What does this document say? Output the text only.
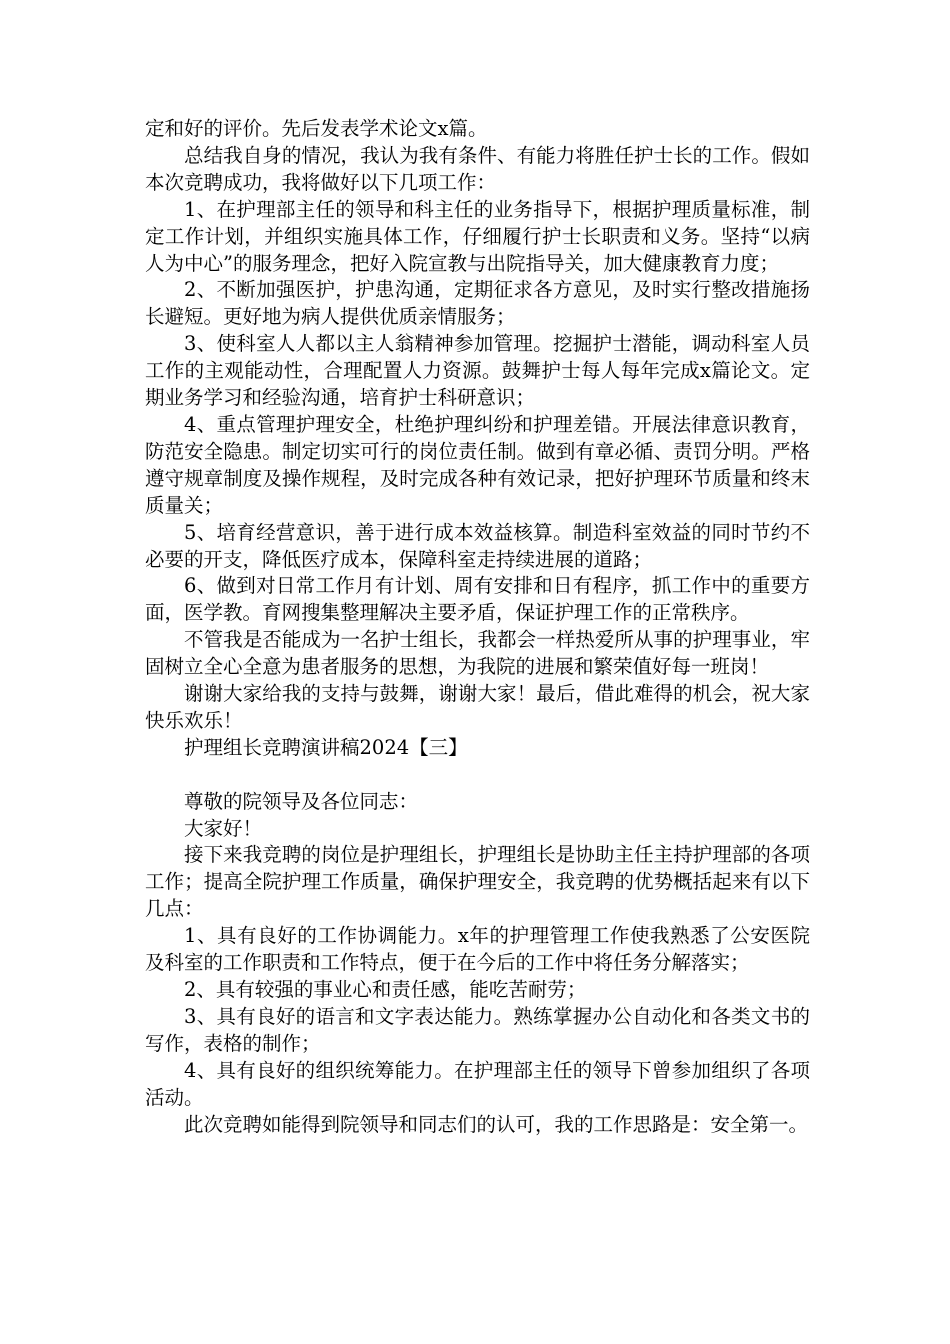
定和好的评价。先后发表学术论文x篇。

总结我自身的情况，我认为我有条件、有能力将胜任护士长的工作。假如本次竞聘成功，我将做好以下几项工作：

1、在护理部主任的领导和科主任的业务指导下，根据护理质量标准，制定工作计划，并组织实施具体工作，仔细履行护士长职责和义务。坚持“以病人为中心”的服务理念，把好入院宣教与出院指导关，加大健康教育力度；

2、不断加强医护，护患沟通，定期征求各方意见，及时实行整改措施扬长避短。更好地为病人提供优质亲情服务；

3、使科室人人都以主人翁精神参加管理。挖掘护士潜能，调动科室人员工作的主观能动性，合理配置人力资源。鼓舞护士每人每年完成x篇论文。定期业务学习和经验沟通，培育护士科研意识；

4、重点管理护理安全，杜绝护理纠纷和护理差错。开展法律意识教育，防范安全隐患。制定切实可行的岗位责任制。做到有章必循、责罚分明。严格遵守规章制度及操作规程，及时完成各种有效记录，把好护理环节质量和终末质量关；

5、培育经营意识，善于进行成本效益核算。制造科室效益的同时节约不必要的开支，降低医疗成本，保障科室走持续进展的道路；

6、做到对日常工作月有计划、周有安排和日有程序，抓工作中的重要方面，医学教。育网搜集整理解决主要矛盾，保证护理工作的正常秩序。

不管我是否能成为一名护士组长，我都会一样热爱所从事的护理事业，牢固树立全心全意为患者服务的思想，为我院的进展和繁荣值好每一班岗！

谢谢大家给我的支持与鼓舞，谢谢大家！最后，借此难得的机会，祝大家快乐欢乐！

护理组长竞聘演讲稿2024【三】

尊敬的院领导及各位同志：

大家好！

接下来我竞聘的岗位是护理组长，护理组长是协助主任主持护理部的各项工作；提高全院护理工作质量，确保护理安全，我竞聘的优势概括起来有以下几点：

1、具有良好的工作协调能力。x年的护理管理工作使我熟悉了公安医院及科室的工作职责和工作特点，便于在今后的工作中将任务分解落实；

2、具有较强的事业心和责任感，能吃苦耐劳；

3、具有良好的语言和文字表达能力。熟练掌握办公自动化和各类文书的写作，表格的制作；

4、具有良好的组织统筹能力。在护理部主任的领导下曾参加组织了各项活动。

此次竞聘如能得到院领导和同志们的认可，我的工作思路是：安全第一。
